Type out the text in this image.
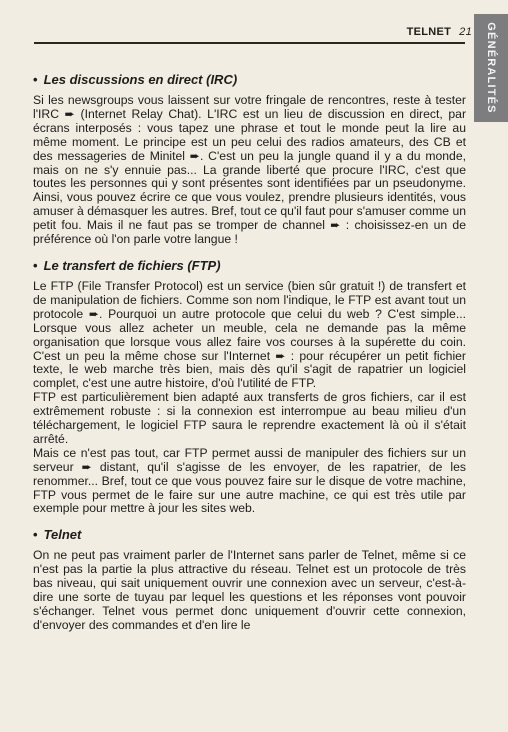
TELNET 21 GÉNÉRALITÉS
• Les discussions en direct (IRC)

Si les newsgroups vous laissent sur votre fringale de rencontres, reste à tester l'IRC ➨ (Internet Relay Chat). L'IRC est un lieu de discussion en direct, par écrans interposés : vous tapez une phrase et tout le monde peut la lire au même moment. Le principe est un peu celui des radios amateurs, des CB et des messageries de Minitel ➨. C'est un peu la jungle quand il y a du monde, mais on ne s'y ennuie pas... La grande liberté que procure l'IRC, c'est que toutes les personnes qui y sont présentes sont identifiées par un pseudonyme. Ainsi, vous pouvez écrire ce que vous voulez, prendre plusieurs identités, vous amuser à démasquer les autres. Bref, tout ce qu'il faut pour s'amuser comme un petit fou. Mais il ne faut pas se tromper de channel ➨ : choisissez-en un de préférence où l'on parle votre langue !

• Le transfert de fichiers (FTP)

Le FTP (File Transfer Protocol) est un service (bien sûr gratuit !) de transfert et de manipulation de fichiers. Comme son nom l'indique, le FTP est avant tout un protocole ➨. Pourquoi un autre protocole que celui du web ? C'est simple... Lorsque vous allez acheter un meuble, cela ne demande pas la même organisation que lorsque vous allez faire vos courses à la supérette du coin. C'est un peu la même chose sur l'Internet ➨ : pour récupérer un petit fichier texte, le web marche très bien, mais dès qu'il s'agit de rapatrier un logiciel complet, c'est une autre histoire, d'où l'utilité de FTP.

FTP est particulièrement bien adapté aux transferts de gros fichiers, car il est extrêmement robuste : si la connexion est interrompue au beau milieu d'un téléchargement, le logiciel FTP saura le reprendre exactement là où il s'était arrêté.

Mais ce n'est pas tout, car FTP permet aussi de manipuler des fichiers sur un serveur ➨ distant, qu'il s'agisse de les envoyer, de les rapatrier, de les renommer... Bref, tout ce que vous pouvez faire sur le disque de votre machine, FTP vous permet de le faire sur une autre machine, ce qui est très utile par exemple pour mettre à jour les sites web.

• Telnet

On ne peut pas vraiment parler de l'Internet sans parler de Telnet, même si ce n'est pas la partie la plus attractive du réseau. Telnet est un protocole de très bas niveau, qui sait uniquement ouvrir une connexion avec un serveur, c'est-à-dire une sorte de tuyau par lequel les questions et les réponses vont pouvoir s'échanger. Telnet vous permet donc uniquement d'ouvrir cette connexion, d'envoyer des commandes et d'en lire le
